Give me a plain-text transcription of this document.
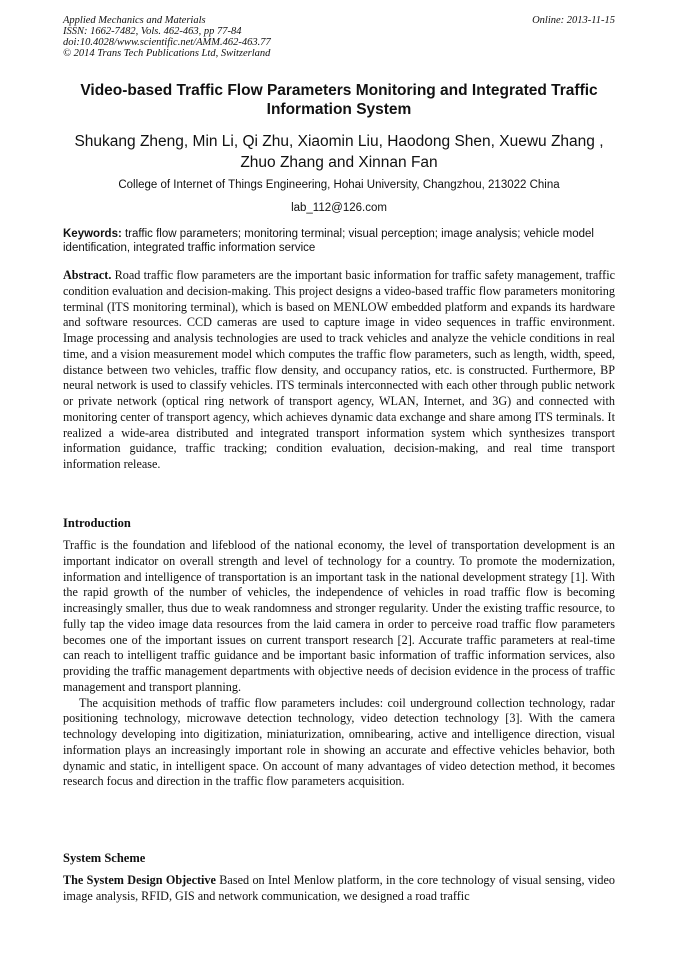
Applied Mechanics and Materials
ISSN: 1662-7482, Vols. 462-463, pp 77-84
doi:10.4028/www.scientific.net/AMM.462-463.77
© 2014 Trans Tech Publications Ltd, Switzerland
Online: 2013-11-15
Video-based Traffic Flow Parameters Monitoring and Integrated Traffic Information System
Shukang Zheng, Min Li, Qi Zhu, Xiaomin Liu, Haodong Shen, Xuewu Zhang , Zhuo Zhang and Xinnan Fan
College of Internet of Things Engineering, Hohai University, Changzhou, 213022 China
lab_112@126.com
Keywords: traffic flow parameters; monitoring terminal; visual perception; image analysis; vehicle model identification, integrated traffic information service

Abstract. Road traffic flow parameters are the important basic information for traffic safety management, traffic condition evaluation and decision-making. This project designs a video-based traffic flow parameters monitoring terminal (ITS monitoring terminal), which is based on MENLOW embedded platform and expands its hardware and software resources. CCD cameras are used to capture image in video sequences in traffic environment. Image processing and analysis technologies are used to track vehicles and analyze the vehicle conditions in real time, and a vision measurement model which computes the traffic flow parameters, such as length, width, speed, distance between two vehicles, traffic flow density, and occupancy ratios, etc. is constructed. Furthermore, BP neural network is used to classify vehicles. ITS terminals interconnected with each other through public network or private network (optical ring network of transport agency, WLAN, Internet, and 3G) and connected with monitoring center of transport agency, which achieves dynamic data exchange and share among ITS terminals. It realized a wide-area distributed and integrated transport information system which synthesizes transport information guidance, traffic tracking; condition evaluation, decision-making, and real time transport information release.

Introduction

Traffic is the foundation and lifeblood of the national economy, the level of transportation development is an important indicator on overall strength and level of technology for a country. To promote the modernization, information and intelligence of transportation is an important task in the national development strategy [1]. With the rapid growth of the number of vehicles, the independence of vehicles in road traffic flow is becoming increasingly smaller, thus due to weak randomness and stronger regularity. Under the existing traffic resource, to fully tap the video image data resources from the laid camera in order to perceive road traffic flow parameters becomes one of the important issues on current transport research [2]. Accurate traffic parameters at real-time can reach to intelligent traffic guidance and be important basic information of traffic information services, also providing the traffic management departments with objective needs of decision evidence in the process of traffic management and transport planning.

The acquisition methods of traffic flow parameters includes: coil underground collection technology, radar positioning technology, microwave detection technology, video detection technology [3]. With the camera technology developing into digitization, miniaturization, omnibearing, active and intelligence direction, visual information plays an increasingly important role in showing an accurate and effective vehicles behavior, both dynamic and static, in intelligent space. On account of many advantages of video detection method, it becomes research focus and direction in the traffic flow parameters acquisition.

System Scheme

The System Design Objective Based on Intel Menlow platform, in the core technology of visual sensing, video image analysis, RFID, GIS and network communication, we designed a road traffic
